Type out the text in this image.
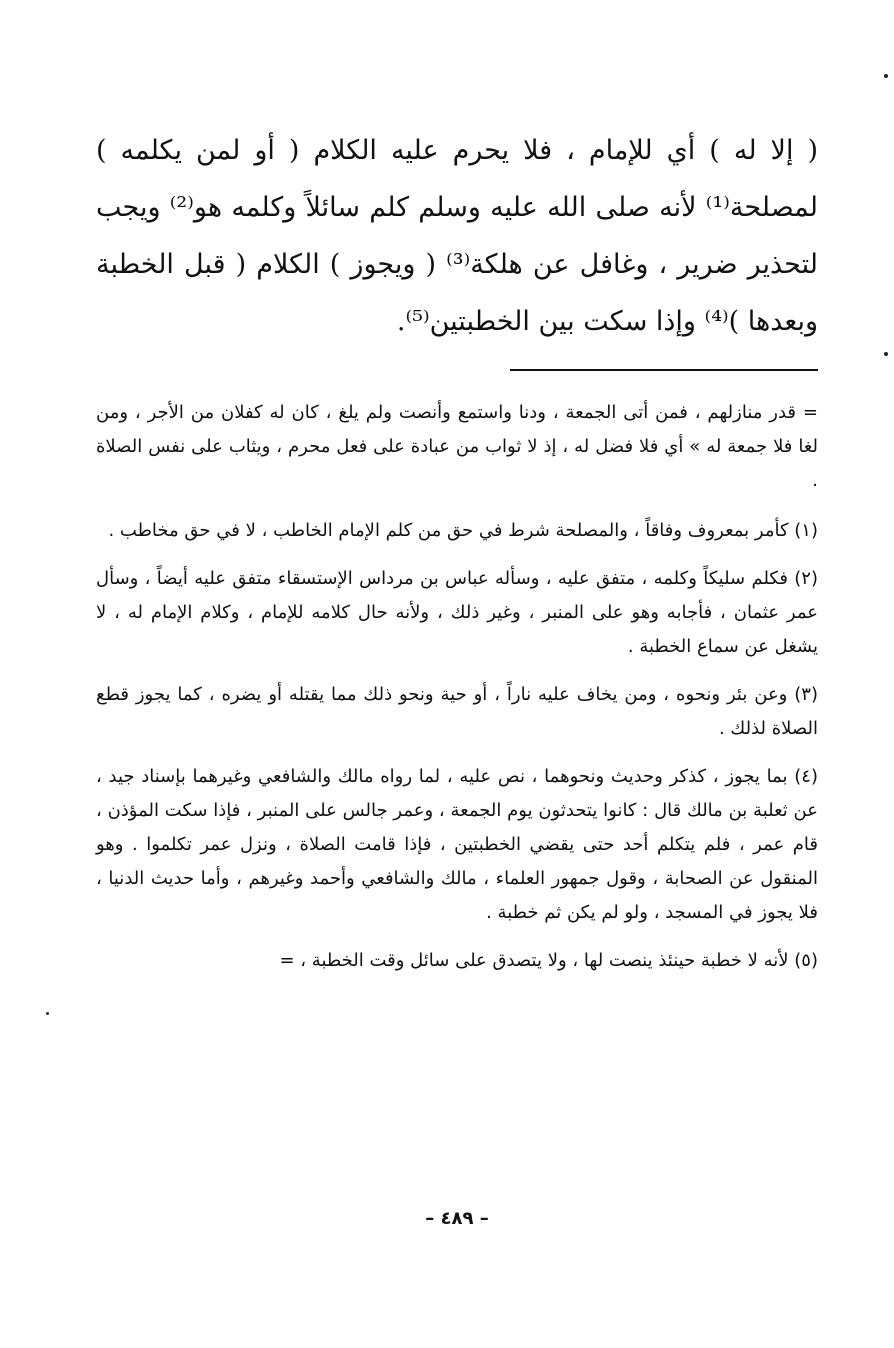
( إلا له ) أي للإمام ، فلا يحرم عليه الكلام ( أو لمن يكلمه ) لمصلحة⁽¹⁾ لأنه صلى الله عليه وسلم كلم سائلاً وكلمه هو⁽²⁾ ويجب لتحذير ضرير ، وغافل عن هلكة⁽³⁾ ( ويجوز ) الكلام ( قبل الخطبة وبعدها )⁽⁴⁾ وإذا سكت بين الخطبتين⁽⁵⁾.

= قدر منازلهم ، فمن أتى الجمعة ، ودنا واستمع وأنصت ولم يلغ ، كان له كفلان من الأجر ، ومن لغا فلا جمعة له » أي فلا فضل له ، إذ لا ثواب من عبادة على فعل محرم ، ويثاب على نفس الصلاة .

(١) كأمر بمعروف وفاقاً ، والمصلحة شرط في حق من كلم الإمام الخاطب ، لا في حق مخاطب .

(٢) فكلم سليكاً وكلمه ، متفق عليه ، وسأله عباس بن مرداس الإستسقاء متفق عليه أيضاً ، وسأل عمر عثمان ، فأجابه وهو على المنبر ، وغير ذلك ، ولأنه حال كلامه للإمام ، وكلام الإمام له ، لا يشغل عن سماع الخطبة .

(٣) وعن بئر ونحوه ، ومن يخاف عليه ناراً ، أو حية ونحو ذلك مما يقتله أو يضره ، كما يجوز قطع الصلاة لذلك .

(٤) بما يجوز ، كذكر وحديث ونحوهما ، نص عليه ، لما رواه مالك والشافعي وغيرهما بإسناد جيد ، عن ثعلبة بن مالك قال : كانوا يتحدثون يوم الجمعة ، وعمر جالس على المنبر ، فإذا سكت المؤذن ، قام عمر ، فلم يتكلم أحد حتى يقضي الخطبتين ، فإذا قامت الصلاة ، ونزل عمر تكلموا . وهو المنقول عن الصحابة ، وقول جمهور العلماء ، مالك والشافعي وأحمد وغيرهم ، وأما حديث الدنيا ، فلا يجوز في المسجد ، ولو لم يكن ثم خطبة .

(٥) لأنه لا خطبة حينئذ ينصت لها ، ولا يتصدق على سائل وقت الخطبة ، =

– ٤٨٩ –
